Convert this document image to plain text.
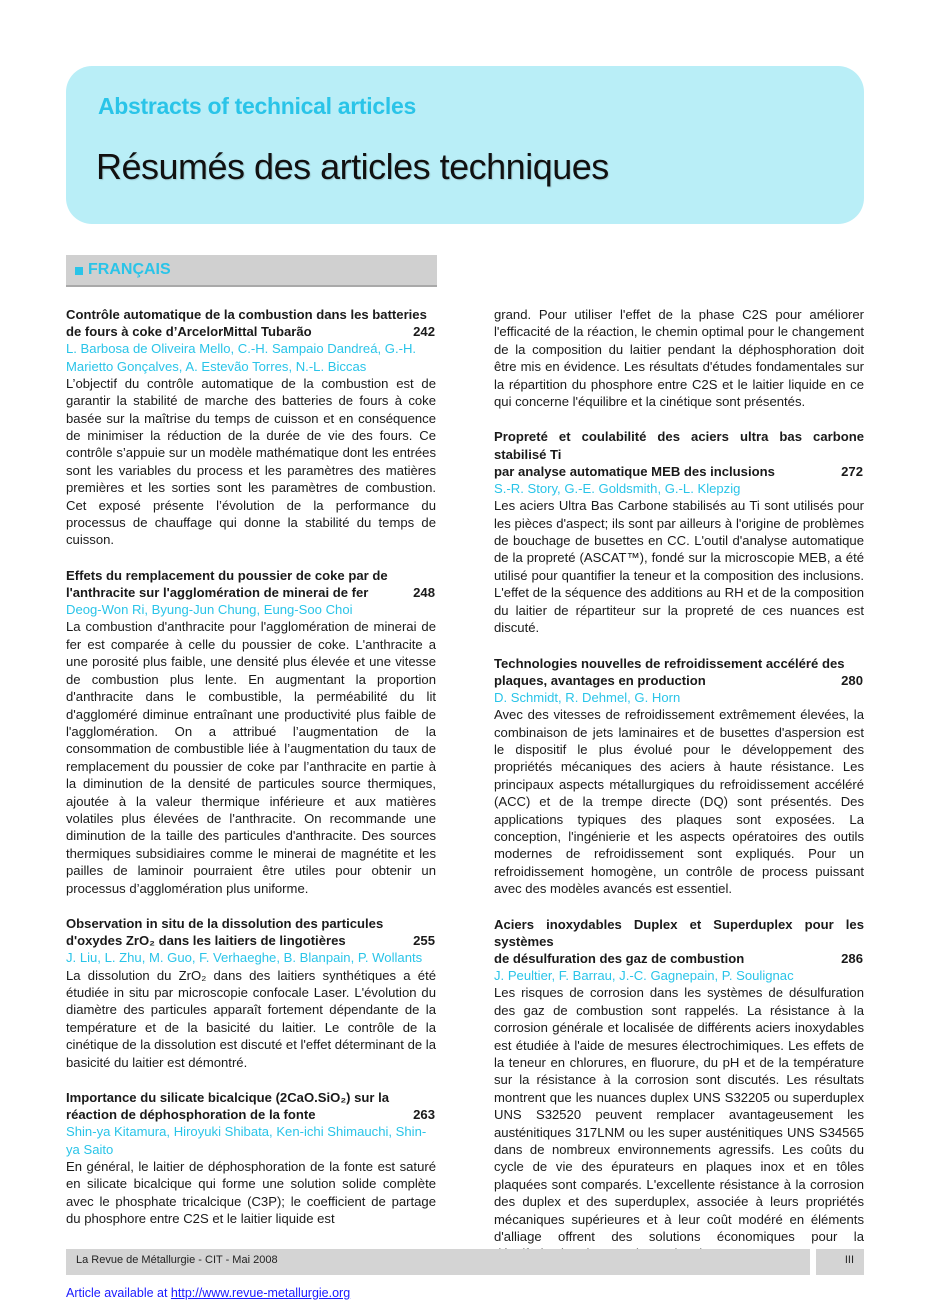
Abstracts of technical articles
Résumés des articles techniques
FRANÇAIS
Contrôle automatique de la combustion dans les batteries
de fours à coke d’ArcelorMittal Tubarão	242
L. Barbosa de Oliveira Mello, C.-H. Sampaio Dandreá, G.-H. Marietto Gonçalves, A. Estevão Torres, N.-L. Biccas
L’objectif du contrôle automatique de la combustion est de garantir la stabilité de marche des batteries de fours à coke basée sur la maîtrise du temps de cuisson et en conséquence de minimiser la réduction de la durée de vie des fours. Ce contrôle s’appuie sur un modèle mathématique dont les entrées sont les variables du process et les paramètres des matières premières et les sorties sont les paramètres de combustion. Cet exposé présente l’évolution de la performance du processus de chauffage qui donne la stabilité du temps de cuisson.
Effets du remplacement du poussier de coke par de
l'anthracite sur l'agglomération de minerai de fer	248
Deog-Won Ri, Byung-Jun Chung, Eung-Soo Choi
La combustion d'anthracite pour l'agglomération de minerai de fer est comparée à celle du poussier de coke. L'anthracite a une porosité plus faible, une densité plus élevée et une vitesse de combustion plus lente. En augmentant la proportion d'anthracite dans le combustible, la perméabilité du lit d'aggloméré diminue entraînant une productivité plus faible de l'agglomération. On a attribué l’augmentation de la consommation de combustible liée à l’augmentation du taux de remplacement du poussier de coke par l’anthracite en partie à la diminution de la densité de particules source thermiques, ajoutée à la valeur thermique inférieure et aux matières volatiles plus élevées de l'anthracite. On recommande une diminution de la taille des particules d'anthracite. Des sources thermiques subsidiaires comme le minerai de magnétite et les pailles de laminoir pourraient être utiles pour obtenir un processus d’agglomération plus uniforme.
Observation in situ de la dissolution des particules
d'oxydes ZrO₂ dans les laitiers de lingotières	255
J. Liu, L. Zhu, M. Guo, F. Verhaeghe, B. Blanpain, P. Wollants
La dissolution du ZrO₂ dans des laitiers synthétiques a été étudiée in situ par microscopie confocale Laser. L'évolution du diamètre des particules apparaît fortement dépendante de la température et de la basicité du laitier. Le contrôle de la cinétique de la dissolution est discuté et l'effet déterminant de la basicité du laitier est démontré.
Importance du silicate bicalcique (2CaO.SiO₂) sur la
réaction de déphosphoration de la fonte	263
Shin-ya Kitamura, Hiroyuki Shibata, Ken-ichi Shimauchi, Shin-ya Saito
En général, le laitier de déphosphoration de la fonte est saturé en silicate bicalcique qui forme une solution solide complète avec le phosphate tricalcique (C3P); le coefficient de partage du phosphore entre C2S et le laitier liquide est
grand. Pour utiliser l'effet de la phase C2S pour améliorer l'efficacité de la réaction, le chemin optimal pour le changement de la composition du laitier pendant la déphosphoration doit être mis en évidence. Les résultats d'études fondamentales sur la répartition du phosphore entre C2S et le laitier liquide en ce qui concerne l'équilibre et la cinétique sont présentés.
Propreté et coulabilité des aciers ultra bas carbone stabilisé Ti
par analyse automatique MEB des inclusions	272
S.-R. Story, G.-E. Goldsmith, G.-L. Klepzig
Les aciers Ultra Bas Carbone stabilisés au Ti sont utilisés pour les pièces d'aspect; ils sont par ailleurs à l'origine de problèmes de bouchage de busettes en CC. L'outil d'analyse automatique de la propreté (ASCAT™), fondé sur la microscopie MEB, a été utilisé pour quantifier la teneur et la composition des inclusions. L'effet de la séquence des additions au RH et de la composition du laitier de répartiteur sur la propreté de ces nuances est discuté.
Technologies nouvelles de refroidissement accéléré des
plaques, avantages en production	280
D. Schmidt, R. Dehmel, G. Horn
Avec des vitesses de refroidissement extrêmement élevées, la combinaison de jets laminaires et de busettes d'aspersion est le dispositif le plus évolué pour le développement des propriétés mécaniques des aciers à haute résistance. Les principaux aspects métallurgiques du refroidissement accéléré (ACC) et de la trempe directe (DQ) sont présentés. Des applications typiques des plaques sont exposées. La conception, l'ingénierie et les aspects opératoires des outils modernes de refroidissement sont expliqués. Pour un refroidissement homogène, un contrôle de process puissant avec des modèles avancés est essentiel.
Aciers inoxydables Duplex et Superduplex pour les systèmes
de désulfuration des gaz de combustion	286
J. Peultier, F. Barrau, J.-C. Gagnepain, P. Soulignac
Les risques de corrosion dans les systèmes de désulfuration des gaz de combustion sont rappelés. La résistance à la corrosion générale et localisée de différents aciers inoxydables est étudiée à l'aide de mesures électrochimiques. Les effets de la teneur en chlorures, en fluorure, du pH et de la température sur la résistance à la corrosion sont discutés. Les résultats montrent que les nuances duplex UNS S32205 ou superduplex UNS S32520 peuvent remplacer avantageusement les austénitiques 317LNM ou les super austénitiques UNS S34565 dans de nombreux environnements agressifs. Les coûts du cycle de vie des épurateurs en plaques inox et en tôles plaquées sont comparés. L'excellente résistance à la corrosion des duplex et des superduplex, associée à leurs propriétés mécaniques supérieures et à leur coût modéré en éléments d'alliage offrent des solutions économiques pour la
La Revue de Métallurgie - CIT - Mai 2008	III
Article available at http://www.revue-metallurgie.org
